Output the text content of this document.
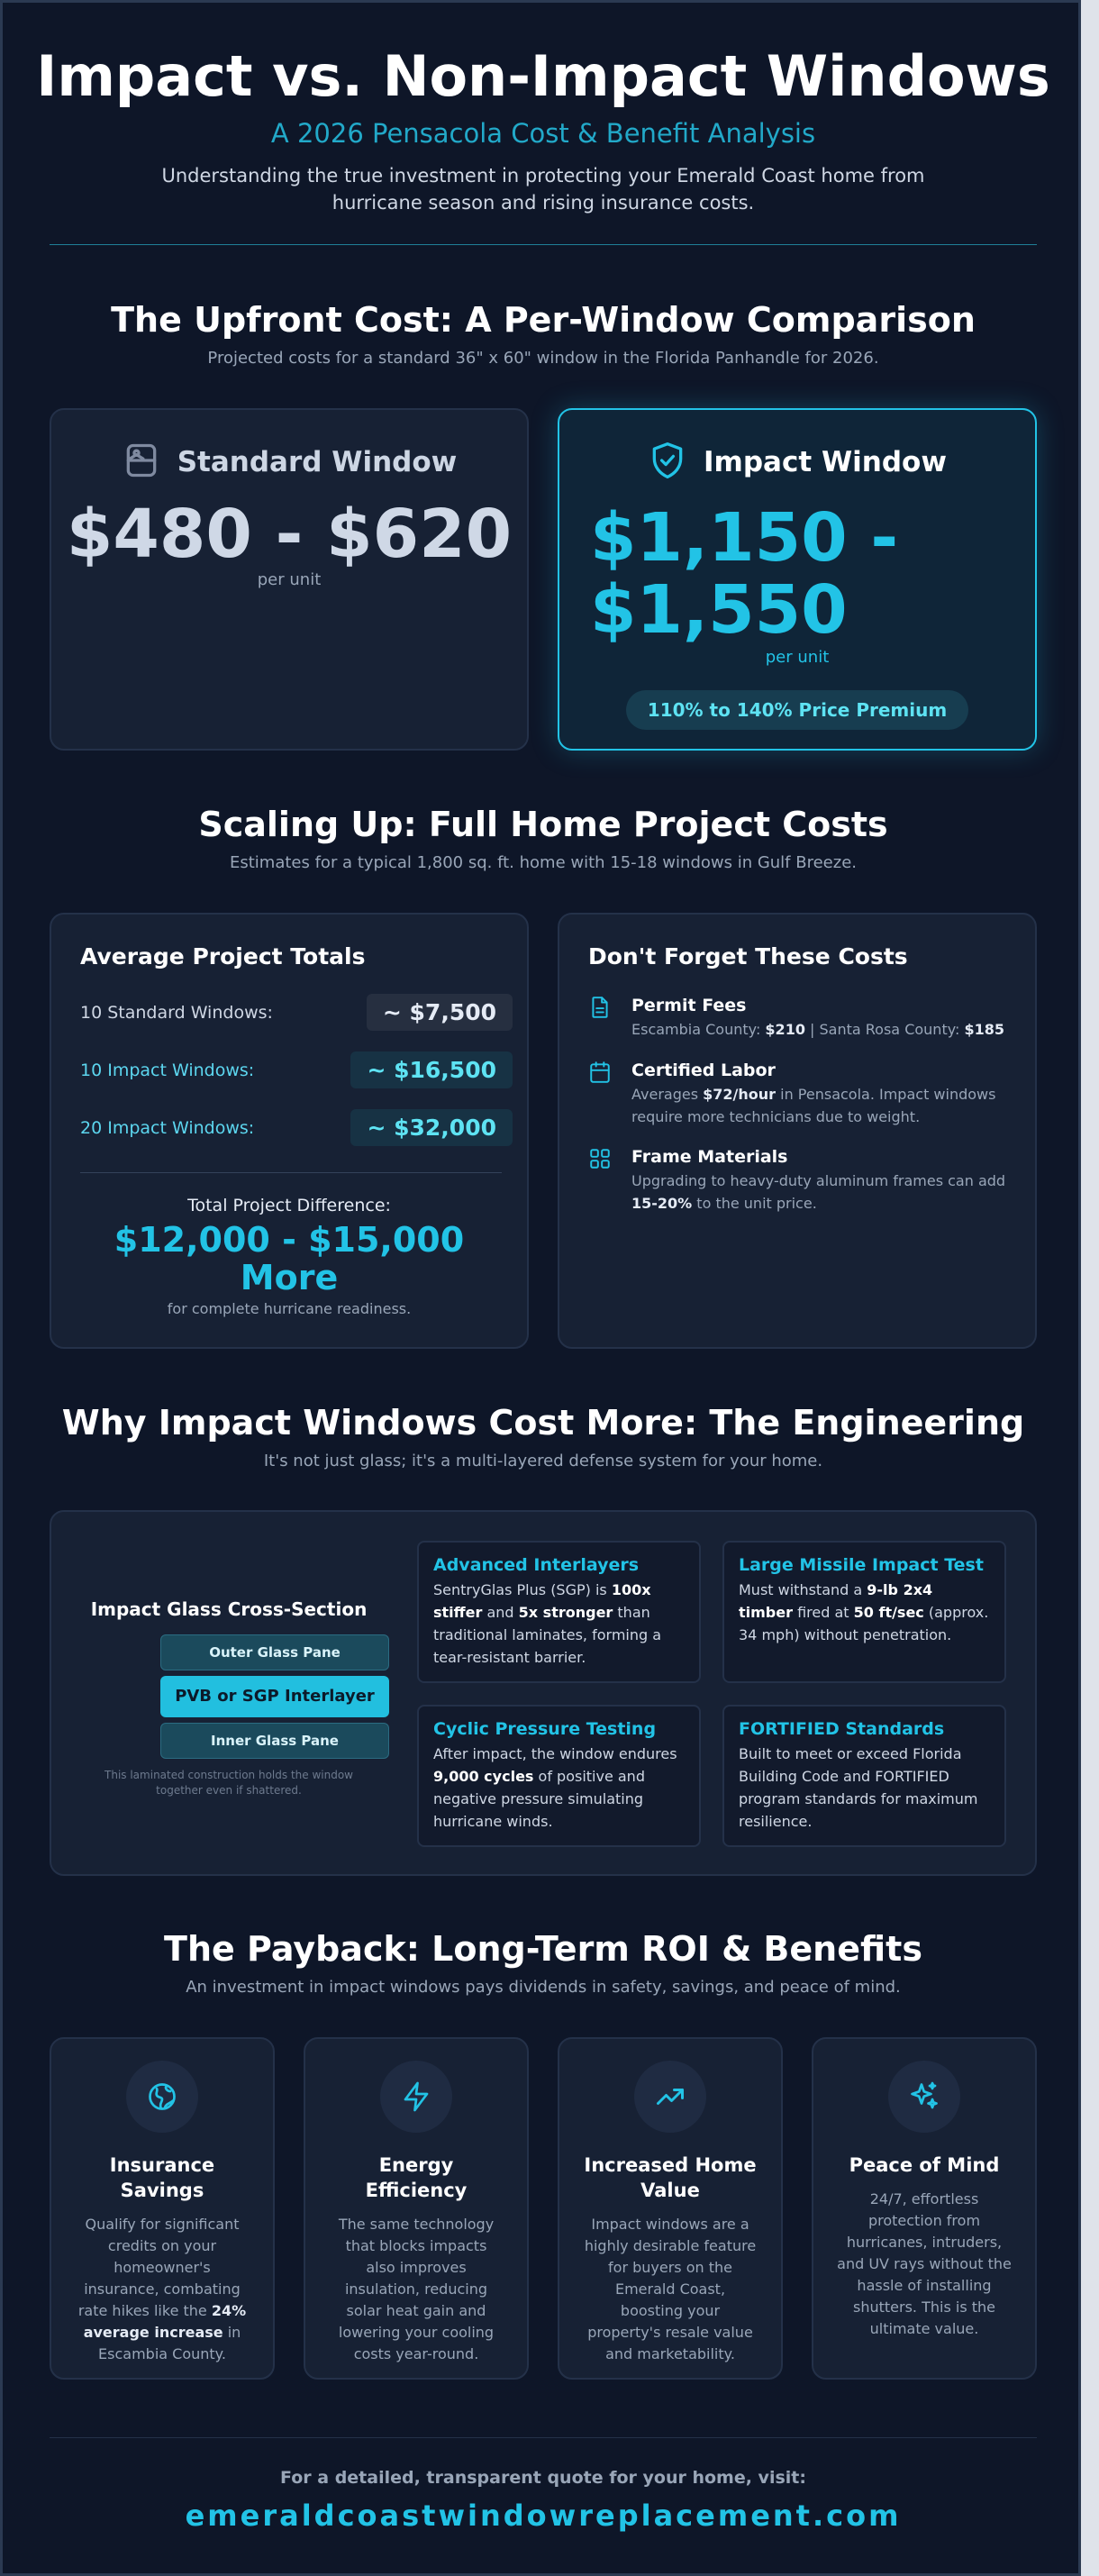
Impact vs. Non-Impact Windows
A 2026 Pensacola Cost & Benefit Analysis

Understanding the true investment in protecting your Emerald Coast home from hurricane season and rising insurance costs.

The Upfront Cost: A Per-Window Comparison
Projected costs for a standard 36" x 60" window in the Florida Panhandle for 2026.
Standard Window
$480 - $620
per unit
Impact Window
$1,150 -
$1,550
per unit
110% to 140% Price Premium
Scaling Up: Full Home Project Costs
Estimates for a typical 1,800 sq. ft. home with 15-18 windows in Gulf Breeze.
Average Project Totals
10 Standard Windows:	~ $7,500
10 Impact Windows:	~ $16,500
20 Impact Windows:	~ $32,000
Total Project Difference:
$12,000 - $15,000
More
for complete hurricane readiness.
Don't Forget These Costs
Permit Fees
Escambia County: $210 | Santa Rosa County: $185
Certified Labor
Averages $72/hour in Pensacola. Impact windows require more technicians due to weight.
Frame Materials
Upgrading to heavy-duty aluminum frames can add 15-20% to the unit price.
Why Impact Windows Cost More: The Engineering
It's not just glass; it's a multi-layered defense system for your home.
Impact Glass Cross-Section
Outer Glass Pane
PVB or SGP Interlayer
Inner Glass Pane
This laminated construction holds the window together even if shattered.
Advanced Interlayers
SentryGlas Plus (SGP) is 100x stiffer and 5x stronger than traditional laminates, forming a tear-resistant barrier.
Large Missile Impact Test
Must withstand a 9-lb 2x4 timber fired at 50 ft/sec (approx. 34 mph) without penetration.
Cyclic Pressure Testing
After impact, the window endures 9,000 cycles of positive and negative pressure simulating hurricane winds.
FORTIFIED Standards
Built to meet or exceed Florida Building Code and FORTIFIED program standards for maximum resilience.
The Payback: Long-Term ROI & Benefits
An investment in impact windows pays dividends in safety, savings, and peace of mind.
Insurance Savings
Qualify for significant credits on your homeowner's insurance, combating rate hikes like the 24% average increase in Escambia County.
Energy Efficiency
The same technology that blocks impacts also improves insulation, reducing solar heat gain and lowering your cooling costs year-round.
Increased Home Value
Impact windows are a highly desirable feature for buyers on the Emerald Coast, boosting your property's resale value and marketability.
Peace of Mind
24/7, effortless protection from hurricanes, intruders, and UV rays without the hassle of installing shutters. This is the ultimate value.
For a detailed, transparent quote for your home, visit:
emeraldcoastwindowreplacement.com
